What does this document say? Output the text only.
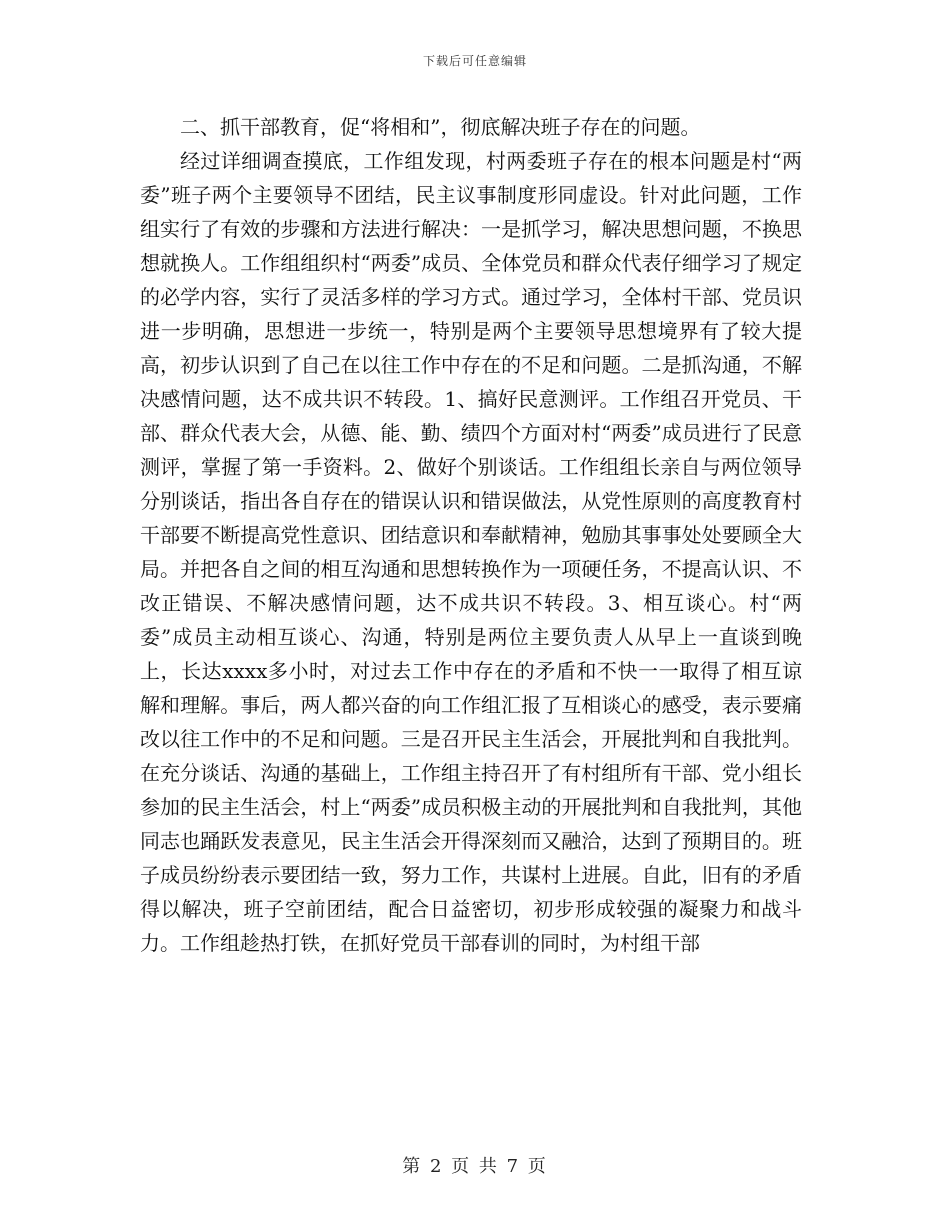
下载后可任意编辑

二、抓干部教育，促“将相和”，彻底解决班子存在的问题。

经过详细调查摸底，工作组发现，村两委班子存在的根本问题是村“两委”班子两个主要领导不团结，民主议事制度形同虚设。针对此问题，工作组实行了有效的步骤和方法进行解决：一是抓学习，解决思想问题，不换思想就换人。工作组组织村“两委”成员、全体党员和群众代表仔细学习了规定的必学内容，实行了灵活多样的学习方式。通过学习，全体村干部、党员识进一步明确，思想进一步统一，特别是两个主要领导思想境界有了较大提高，初步认识到了自己在以往工作中存在的不足和问题。二是抓沟通，不解决感情问题，达不成共识不转段。1、搞好民意测评。工作组召开党员、干部、群众代表大会，从德、能、勤、绩四个方面对村“两委”成员进行了民意测评，掌握了第一手资料。2、做好个别谈话。工作组组长亲自与两位领导分别谈话，指出各自存在的错误认识和错误做法，从党性原则的高度教育村干部要不断提高党性意识、团结意识和奉献精神，勉励其事事处处要顾全大局。并把各自之间的相互沟通和思想转换作为一项硬任务，不提高认识、不改正错误、不解决感情问题，达不成共识不转段。3、相互谈心。村“两委”成员主动相互谈心、沟通，特别是两位主要负责人从早上一直谈到晚上，长达xxxx多小时，对过去工作中存在的矛盾和不快一一取得了相互谅解和理解。事后，两人都兴奋的向工作组汇报了互相谈心的感受，表示要痛改以往工作中的不足和问题。三是召开民主生活会，开展批判和自我批判。在充分谈话、沟通的基础上，工作组主持召开了有村组所有干部、党小组长参加的民主生活会，村上“两委”成员积极主动的开展批判和自我批判，其他同志也踊跃发表意见，民主生活会开得深刻而又融洽，达到了预期目的。班子成员纷纷表示要团结一致，努力工作，共谋村上进展。自此，旧有的矛盾得以解决，班子空前团结，配合日益密切，初步形成较强的凝聚力和战斗力。工作组趁热打铁，在抓好党员干部春训的同时，为村组干部

第 2 页 共 7 页
